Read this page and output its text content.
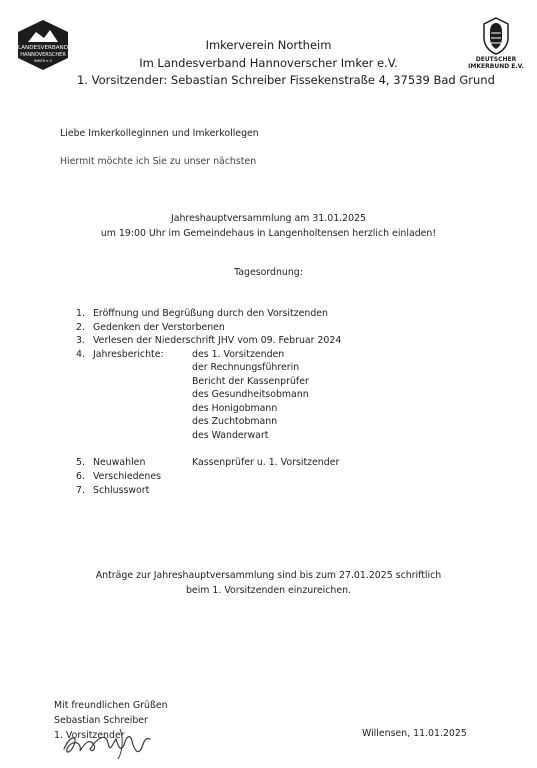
LANDESVERBAND
HANNOVERSCHER
IMKER e.V	DEUTSCHER
IMKERBUND E.V.
Imkerverein Northeim
Im Landesverband Hannoverscher Imker e.V.
1. Vorsitzender: Sebastian Schreiber Fissekenstraße 4, 37539 Bad Grund
Liebe Imkerkolleginnen und Imkerkollegen
Hiermit möchte ich Sie zu unser nächsten
Jahreshauptversammlung am 31.01.2025
um 19:00 Uhr im Gemeindehaus in Langenholtensen herzlich einladen!
Tagesordnung:
1. Eröffnung und Begrüßung durch den Vorsitzenden
2. Gedenken der Verstorbenen
3. Verlesen der Niederschrift JHV vom 09. Februar 2024
4. Jahresberichte:	des 1. Vorsitzenden
der Rechnungsführerin
Bericht der Kassenprüfer
des Gesundheitsobmann
des Honigobmann
des Zuchtobmann
des Wanderwart
5. Neuwahlen	Kassenprüfer u. 1. Vorsitzender
6. Verschiedenes
7. Schlusswort
Anträge zur Jahreshauptversammlung sind bis zum 27.01.2025 schriftlich
beim 1. Vorsitzenden einzureichen.
Mit freundlichen Grüßen
Sebastian Schreiber
1. Vorsitzender	Willensen, 11.01.2025
